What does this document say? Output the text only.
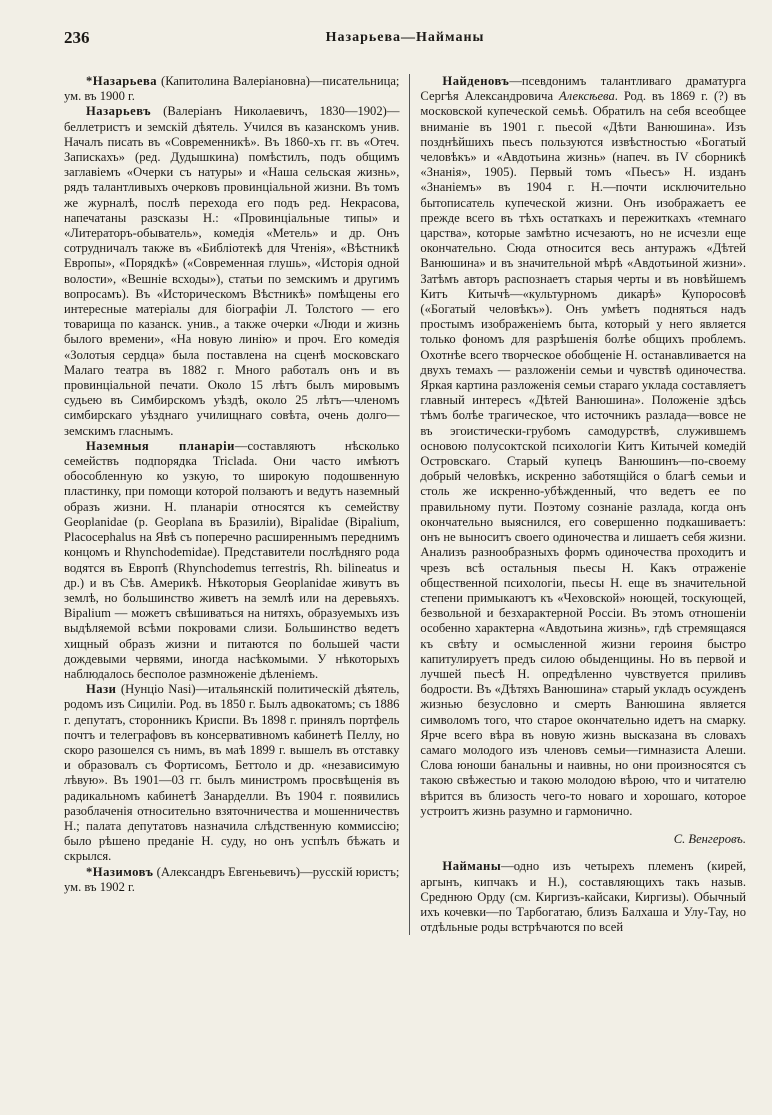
236	Назарьева—Найманы

*Назарьева (Капитолина Валеріановна)—писательница; ум. въ 1900 г.

Назарьевъ (Валеріанъ Николаевичъ, 1830—1902)—беллетристъ и земскій дѣятель. Учился въ казанскомъ унив. Началъ писать въ «Современникѣ». Въ 1860-хъ гг. въ «Отеч. Запискахъ» (ред. Дудышкина) помѣстилъ, подъ общимъ заглавіемъ «Очерки съ натуры» и «Наша сельская жизнь», рядъ талантливыхъ очерковъ провинціальной жизни. Въ томъ же журналѣ, послѣ перехода его подъ ред. Некрасова, напечатаны разсказы Н.: «Провинціальные типы» и «Литераторъ-обыватель», комедія «Метель» и др. Онъ сотрудничалъ также въ «Библіотекѣ для Чтенія», «Вѣстникѣ Европы», «Порядкѣ» («Современная глушь», «Исторія одной волости», «Вешніе всходы»), статьи по земскимъ и другимъ вопросамъ). Въ «Историческомъ Вѣстникѣ» помѣщены его интересные матеріалы для біографіи Л. Толстого — его товарища по казанск. унив., а также очерки «Люди и жизнь былого времени», «На новую линію» и проч. Его комедія «Золотыя сердца» была поставлена на сценѣ московскаго Малаго театра въ 1882 г. Много работалъ онъ и въ провинціальной печати. Около 15 лѣтъ былъ мировымъ судьею въ Симбирскомъ уѣздѣ, около 25 лѣтъ—членомъ симбирскаго уѣзднаго училищнаго совѣта, очень долго—земскимъ гласнымъ.

Наземныя планаріи—составляютъ нѣсколько семействъ подпорядка Tricladа. Они часто имѣютъ обособленную ко узкую, то широкую подошвенную пластинку, при помощи которой ползаютъ и ведутъ наземный образъ жизни. Н. планаріи относятся къ семейству Geoplanidae (р. Geoplana въ Бразиліи), Bipalidae (Bipalium, Placocephalus на Явѣ съ поперечно расширеннымъ переднимъ концомъ и Rhynchodemidae). Представители послѣдняго рода водятся въ Европѣ (Rhynchodemus terrestris, Rh. bilineatus и др.) и въ Сѣв. Америкѣ. Нѣкоторыя Geoplanidae живутъ въ землѣ, но большинство живетъ на землѣ или на деревьяхъ. Bipalium — можетъ свѣшиваться на нитяхъ, образуемыхъ изъ выдѣляемой всѣми покровами слизи. Большинство ведетъ хищный образъ жизни и питаются по большей части дождевыми червями, иногда насѣкомыми. У нѣкоторыхъ наблюдалось бесполое размноженіе дѣленіемъ.

Нази (Нунціо Nasi)—итальянскій политическій дѣятель, родомъ изъ Сициліи. Род. въ 1850 г. Былъ адвокатомъ; съ 1886 г. депутатъ, сторонникъ Криспи. Въ 1898 г. принялъ портфель почтъ и телеграфовъ въ консервативномъ кабинетѣ Пеллу, но скоро разошелся съ нимъ, въ маѣ 1899 г. вышелъ въ отставку и образовалъ съ Фортисомъ, Беттоло и др. «независимую лѣвую». Въ 1901—03 гг. былъ министромъ просвѣщенія въ радикальномъ кабинетѣ Занарделли. Въ 1904 г. появились разоблаченія относительно взяточничества и мошенничествъ Н.; палата депутатовъ назначила слѣдственную коммиссію; было рѣшено преданіе Н. суду, но онъ успѣлъ бѣжать и скрылся.

*Назимовъ (Александръ Евгеньевичъ)—русскій юристъ; ум. въ 1902 г.

Найденовъ—псевдонимъ талантливаго драматурга Сергѣя Александровича Алексѣева. Род. въ 1869 г. (?) въ московской купеческой семьѣ. Обратилъ на себя всеобщее вниманіе въ 1901 г. пьесой «Дѣти Ванюшина». Изъ позднѣйшихъ пьесъ пользуются извѣстностью «Богатый человѣкъ» и «Авдотьина жизнь» (напеч. въ IV сборникѣ «Знанія», 1905). Первый томъ «Пьесъ» Н. изданъ «Знаніемъ» въ 1904 г. Н.—почти исключительно бытописатель купеческой жизни. Онъ изображаетъ ее прежде всего въ тѣхъ остаткахъ и пережиткахъ «темнаго царства», которые замѣтно исчезаютъ, но не исчезли еще окончательно. Сюда относится весь антуражъ «Дѣтей Ванюшина» и въ значительной мѣрѣ «Авдотьиной жизни». Затѣмъ авторъ распознаетъ старыя черты и въ новѣйшемъ Китъ Китычѣ—«культурномъ дикарѣ» Купоросовѣ («Богатый человѣкъ»). Онъ умѣетъ подняться надъ простымъ изображеніемъ быта, который у него является только фономъ для разрѣшенія болѣе общихъ проблемъ. Охотнѣе всего творческое обобщеніе Н. останавливается на двухъ темахъ — разложеніи семьи и чувствѣ одиночества. Яркая картина разложенія семьи стараго уклада составляетъ главный интересъ «Дѣтей Ванюшина». Положеніе здѣсь тѣмъ болѣе трагическое, что источникъ разлада—вовсе не въ эгоистически-грубомъ самодурствѣ, служившемъ основою полусоктской психологіи Китъ Китычей комедій Островскаго. Старый купецъ Ванюшинъ—по-своему добрый человѣкъ, искренно заботящійся о благѣ семьи и столь же искренно-убѣжденный, что ведетъ ее по правильному пути. Поэтому сознаніе разлада, когда онъ окончательно выяснился, его совершенно подкашиваетъ: онъ не выноситъ своего одиночества и лишаетъ себя жизни. Анализъ разнообразныхъ формъ одиночества проходитъ и чрезъ всѣ остальныя пьесы Н. Какъ отраженіе общественной психологіи, пьесы Н. еще въ значительной степени примыкаютъ къ «Чеховской» ноющей, тоскующей, безвольной и безхарактерной Россіи. Въ этомъ отношеніи особенно характерна «Авдотьина жизнь», гдѣ стремящаяся къ свѣту и осмысленной жизни героиня быстро капитулируетъ предъ силою обыденщины. Но въ первой и лучшей пьесѣ Н. опредѣленно чувствуется приливъ бодрости. Въ «Дѣтяхъ Ванюшина» старый укладъ осужденъ жизнью безусловно и смерть Ванюшина является символомъ того, что старое окончательно идетъ на смарку. Ярче всего вѣра въ новую жизнь высказана въ словахъ самаго молодого изъ членовъ семьи—гимназиста Алеши. Слова юноши банальны и наивны, но они произносятся съ такою свѣжестью и такою молодою вѣрою, что и читателю вѣрится въ близость чего-то новаго и хорошаго, которое устроитъ жизнь разумно и гармонично.

С. Венгеровъ.

Найманы—одно изъ четырехъ племенъ (кирей, аргынъ, кипчакъ и Н.), составляющихъ такъ назыв. Среднюю Орду (см. Киргизъ-кайсаки, Киргизы). Обычный ихъ кочевки—по Тарбогатаю, близъ Балхаша и Улу-Тау, но отдѣльные роды встрѣчаются по всей
